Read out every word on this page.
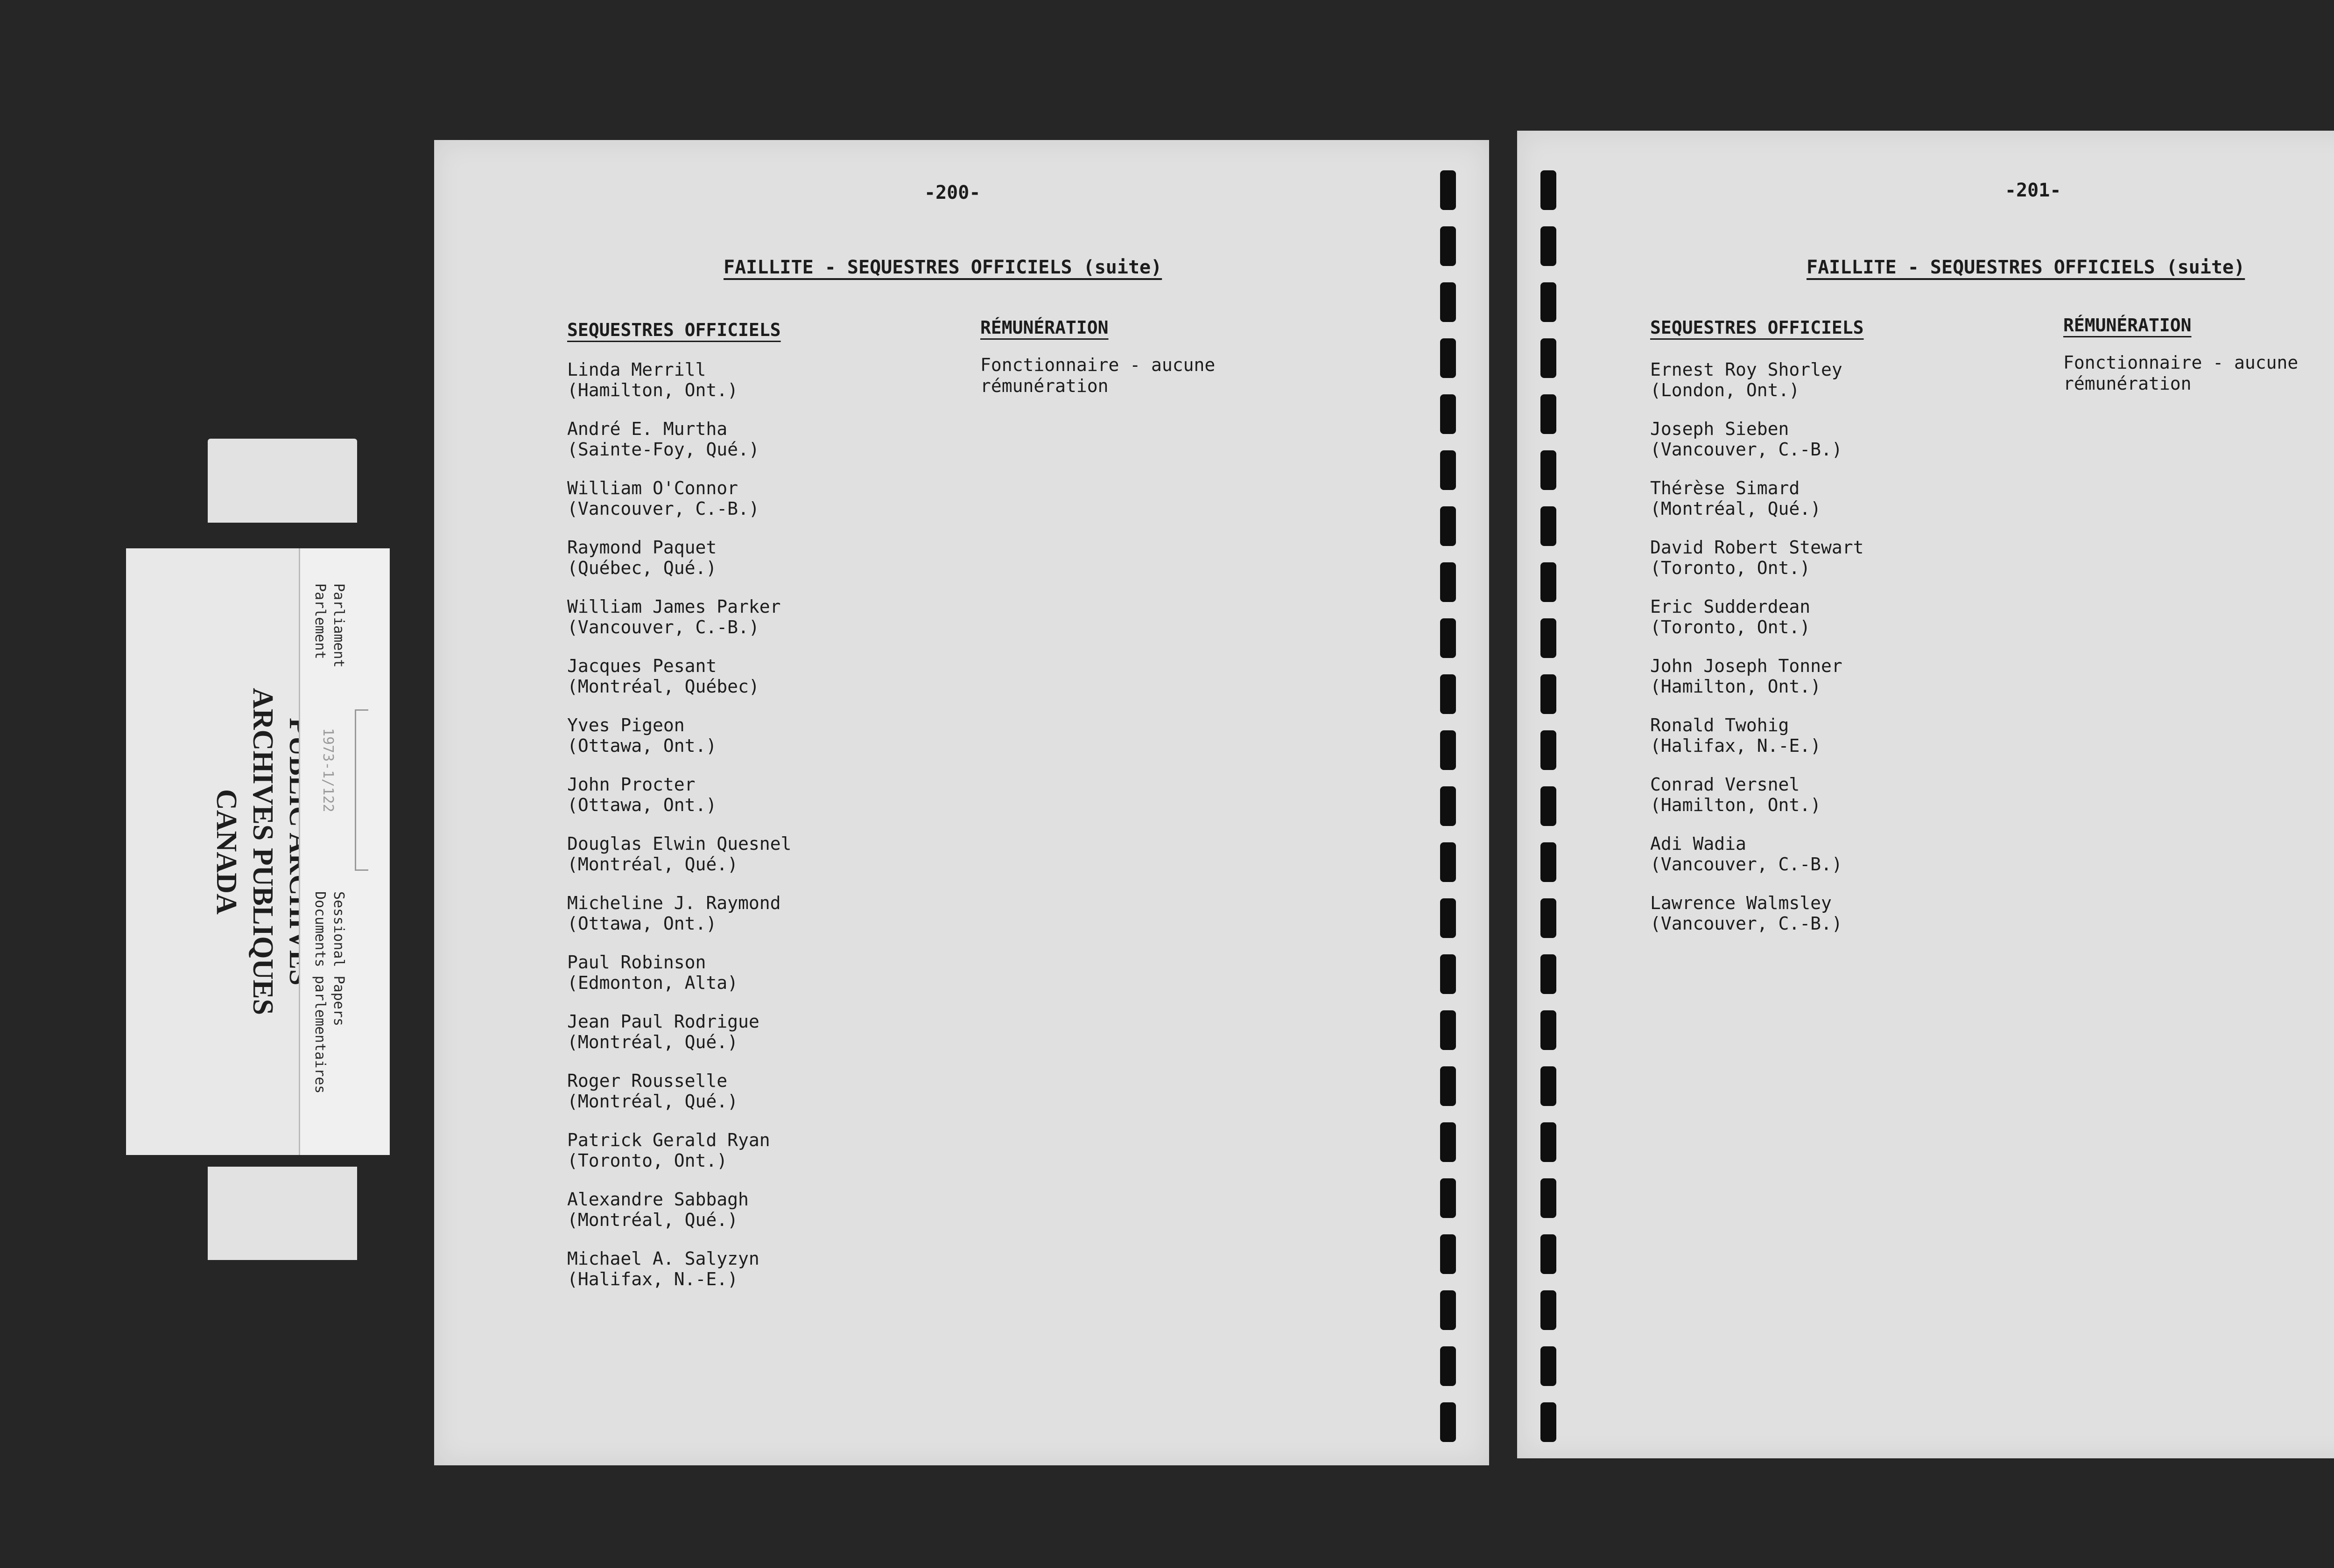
ARCHIVES PUBLIQUES
CANADA
Parliament
Parlement
1973-1/122
Sessional Papers
Documents parlementaires
-200-
FAILLITE - SEQUESTRES OFFICIELS (suite)
SEQUESTRES OFFICIELS	RÉMUNÉRATION
Fonctionnaire - aucune
rémunération
Linda Merrill
(Hamilton, Ont.)
André E. Murtha
(Sainte-Foy, Qué.)
William O'Connor
(Vancouver, C.-B.)
Raymond Paquet
(Québec, Qué.)
William James Parker
(Vancouver, C.-B.)
Jacques Pesant
(Montréal, Québec)
Yves Pigeon
(Ottawa, Ont.)
John Procter
(Ottawa, Ont.)
Douglas Elwin Quesnel
(Montréal, Qué.)
Micheline J. Raymond
(Ottawa, Ont.)
Paul Robinson
(Edmonton, Alta)
Jean Paul Rodrigue
(Montréal, Qué.)
Roger Rousselle
(Montréal, Qué.)
Patrick Gerald Ryan
(Toronto, Ont.)
Alexandre Sabbagh
(Montréal, Qué.)
Michael A. Salyzyn
(Halifax, N.-E.)
-201-
FAILLITE - SEQUESTRES OFFICIELS (suite)
SEQUESTRES OFFICIELS	RÉMUNÉRATION
Fonctionnaire - aucune
rémunération
Ernest Roy Shorley
(London, Ont.)
Joseph Sieben
(Vancouver, C.-B.)
Thérèse Simard
(Montréal, Qué.)
David Robert Stewart
(Toronto, Ont.)
Eric Sudderdean
(Toronto, Ont.)
John Joseph Tonner
(Hamilton, Ont.)
Ronald Twohig
(Halifax, N.-E.)
Conrad Versnel
(Hamilton, Ont.)
Adi Wadia
(Vancouver, C.-B.)
Lawrence Walmsley
(Vancouver, C.-B.)
